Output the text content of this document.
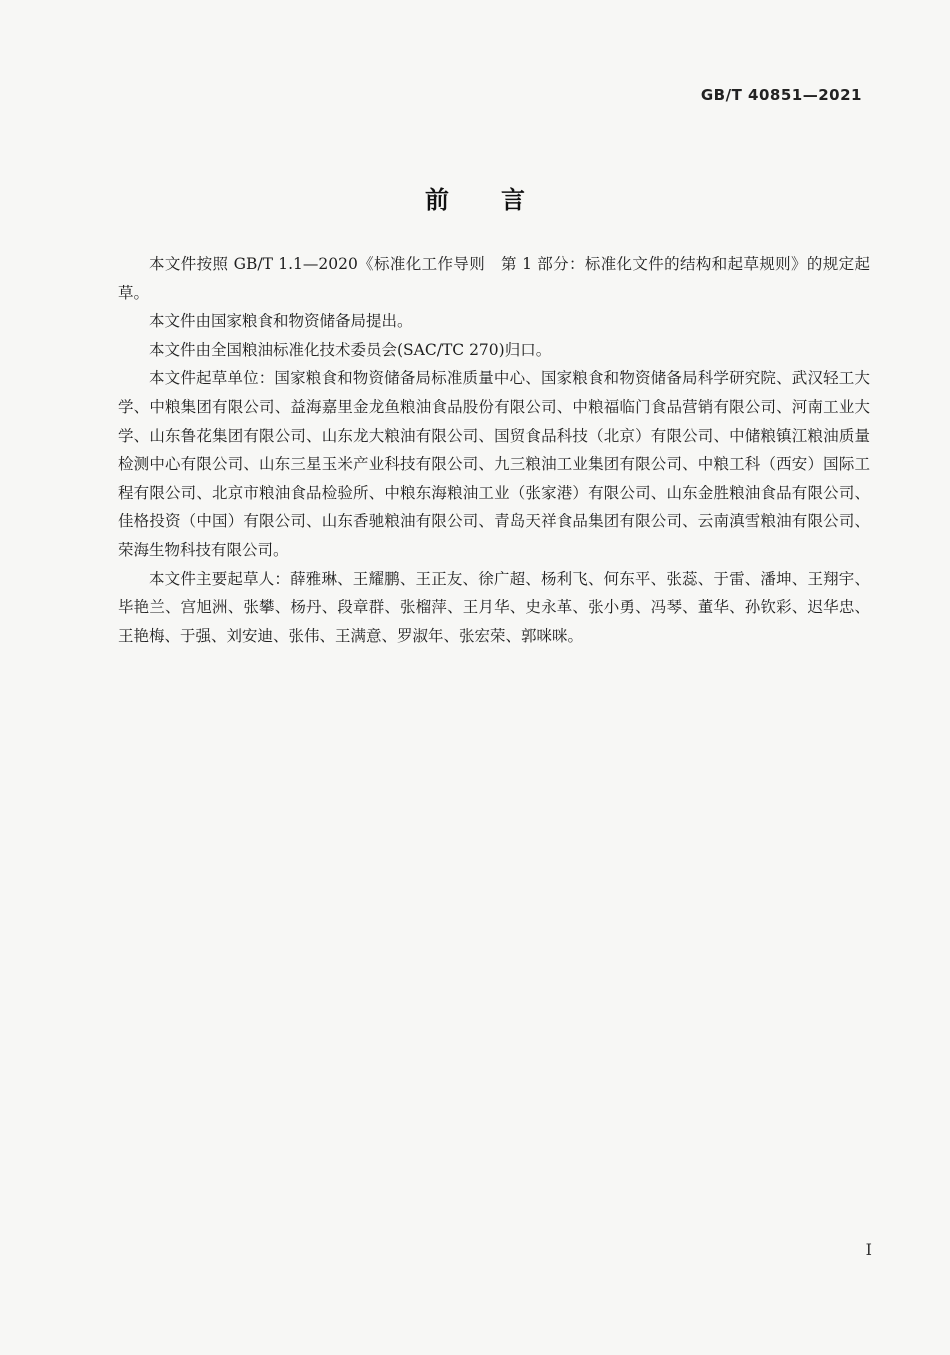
GB/T 40851—2021
前言

本文件按照 GB/T 1.1—2020《标准化工作导则　第 1 部分：标准化文件的结构和起草规则》的规定起草。

本文件由国家粮食和物资储备局提出。

本文件由全国粮油标准化技术委员会(SAC/TC 270)归口。

本文件起草单位：国家粮食和物资储备局标准质量中心、国家粮食和物资储备局科学研究院、武汉轻工大学、中粮集团有限公司、益海嘉里金龙鱼粮油食品股份有限公司、中粮福临门食品营销有限公司、河南工业大学、山东鲁花集团有限公司、山东龙大粮油有限公司、国贸食品科技（北京）有限公司、中储粮镇江粮油质量检测中心有限公司、山东三星玉米产业科技有限公司、九三粮油工业集团有限公司、中粮工科（西安）国际工程有限公司、北京市粮油食品检验所、中粮东海粮油工业（张家港）有限公司、山东金胜粮油食品有限公司、佳格投资（中国）有限公司、山东香驰粮油有限公司、青岛天祥食品集团有限公司、云南滇雪粮油有限公司、荣海生物科技有限公司。

本文件主要起草人：薛雅琳、王耀鹏、王正友、徐广超、杨利飞、何东平、张蕊、于雷、潘坤、王翔宇、毕艳兰、宫旭洲、张攀、杨丹、段章群、张榴萍、王月华、史永革、张小勇、冯琴、董华、孙钦彩、迟华忠、王艳梅、于强、刘安迪、张伟、王满意、罗淑年、张宏荣、郭咪咪。

I
